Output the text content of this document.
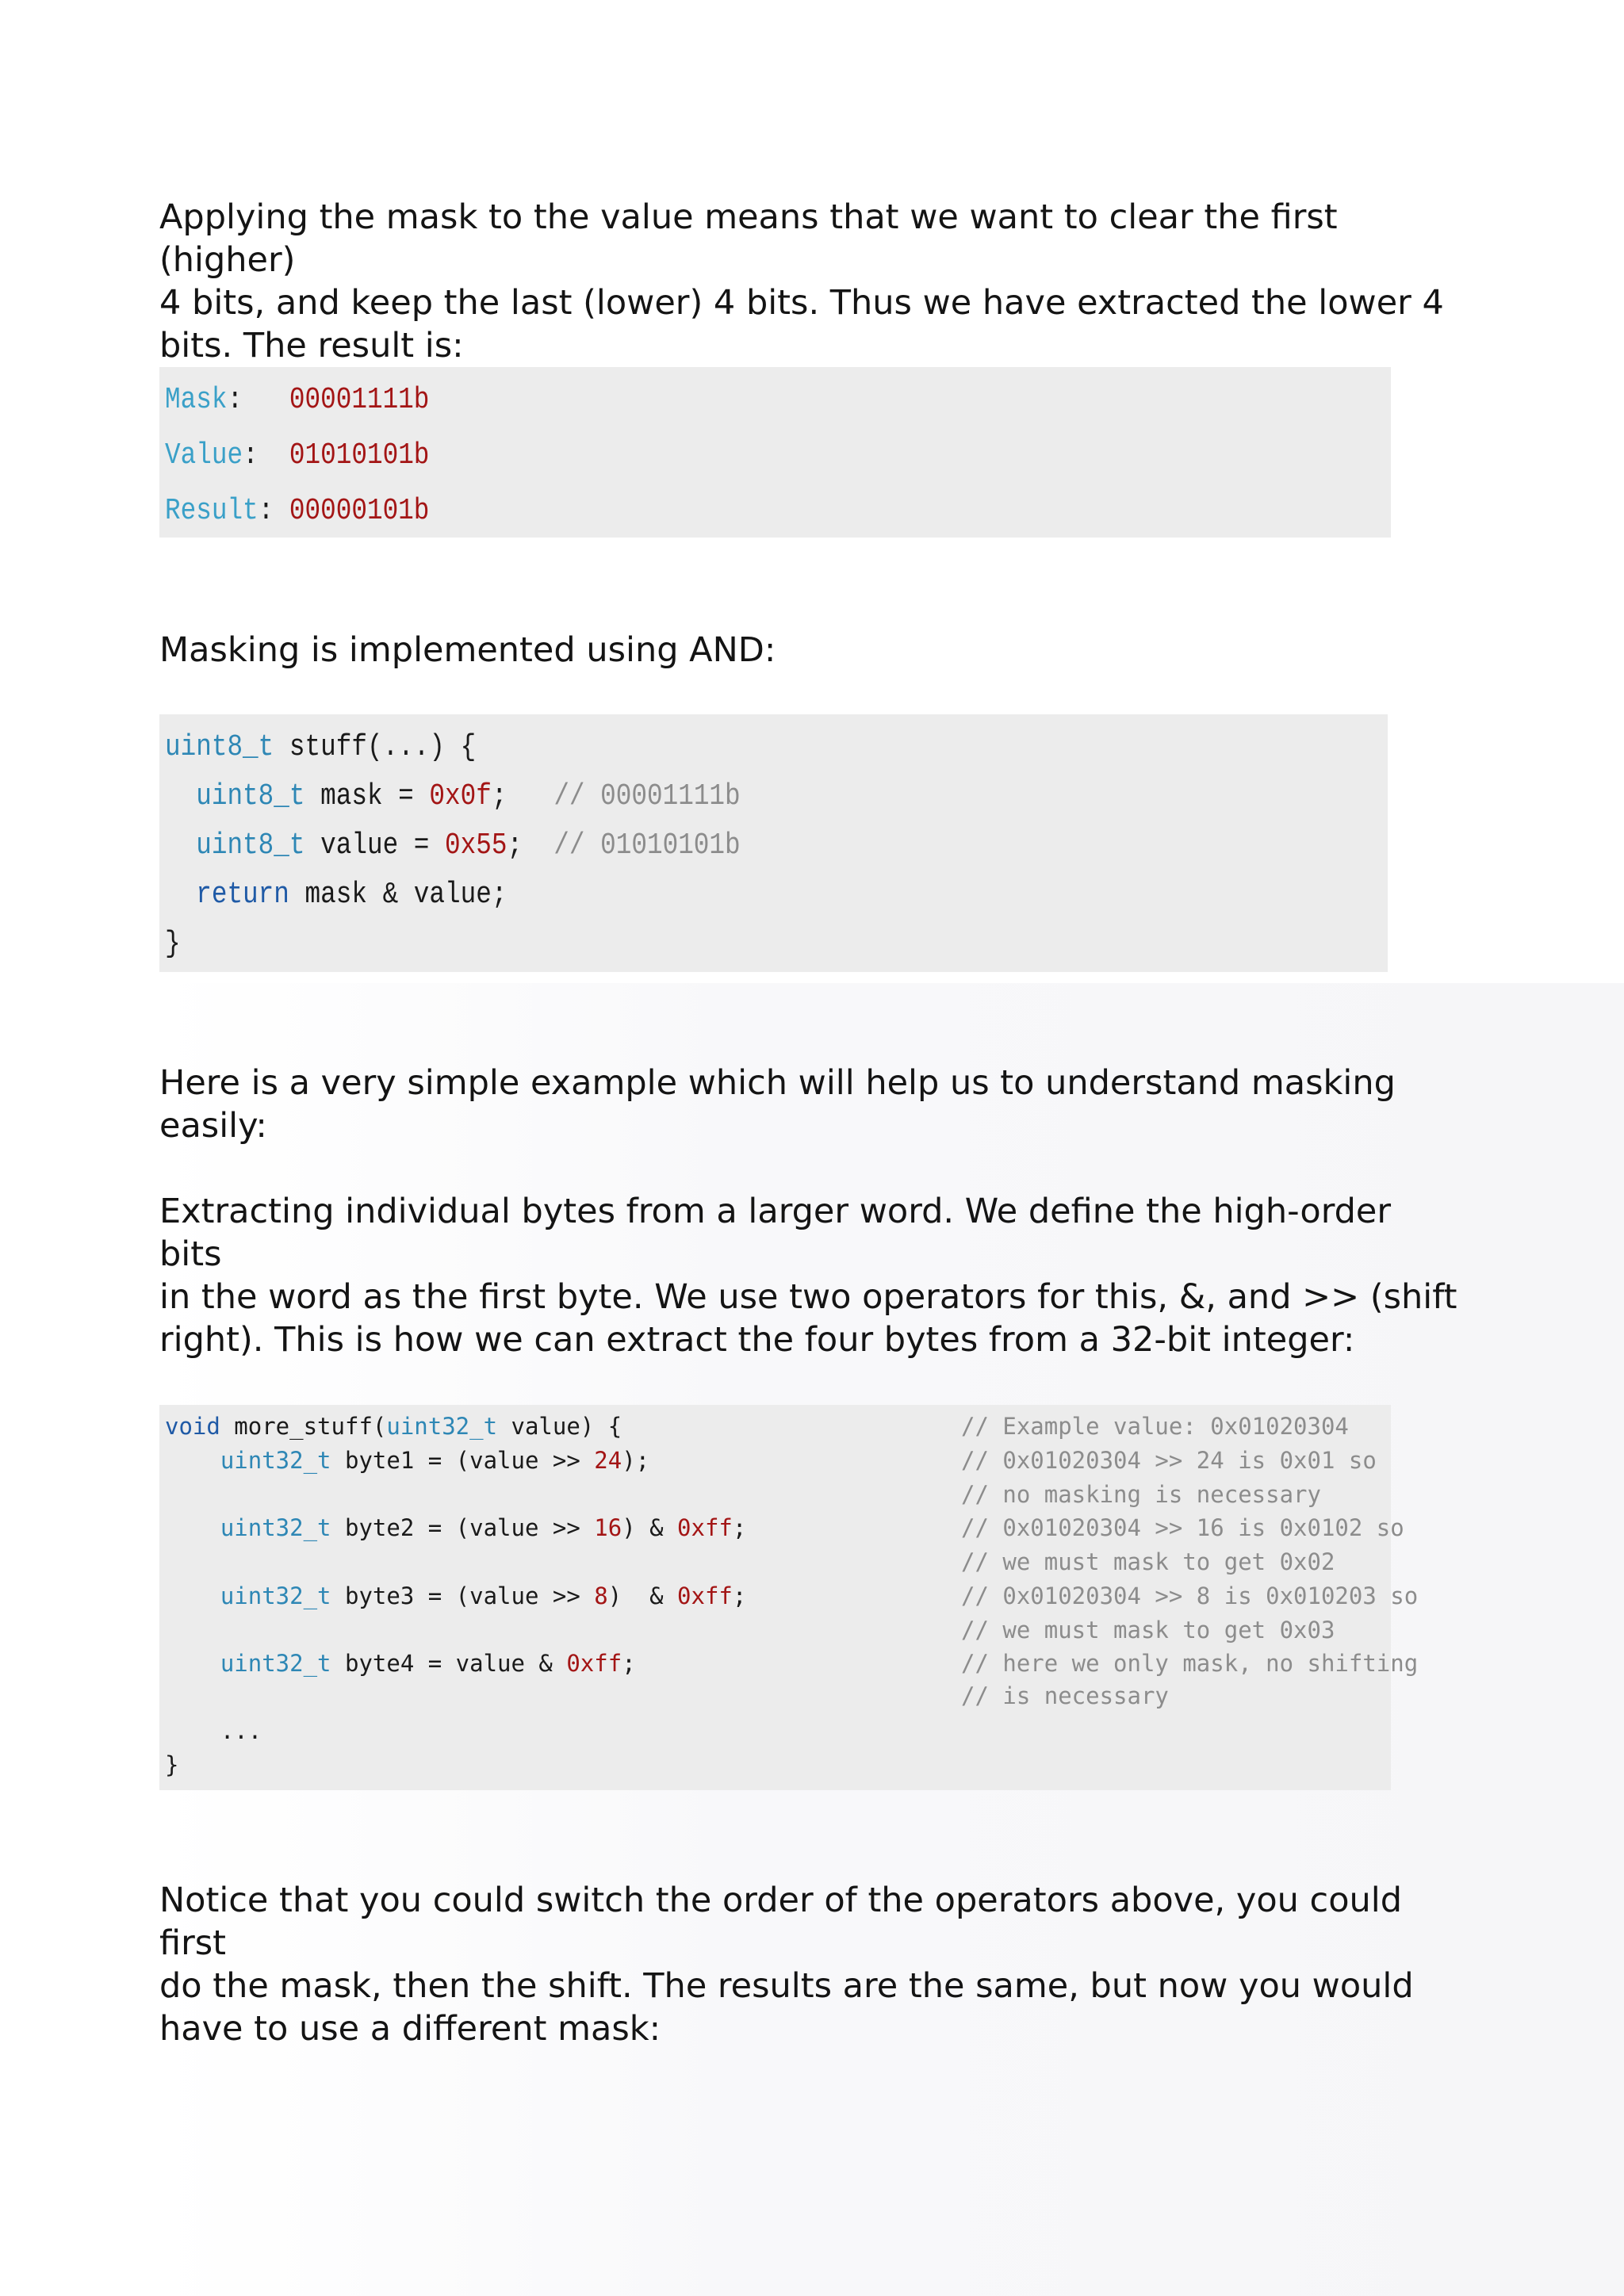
Applying the mask to the value means that we want to clear the first (higher)
4 bits, and keep the last (lower) 4 bits. Thus we have extracted the lower 4
bits. The result is:
Mask:   00001111b
Value:  01010101b
Result: 00000101b
Masking is implemented using AND:
uint8_t stuff(...) {
uint8_t mask = 0x0f; // 00001111b
uint8_t value = 0x55; // 01010101b
return mask & value;
}
Here is a very simple example which will help us to understand masking
easily:
Extracting individual bytes from a larger word. We define the high-order bits
in the word as the first byte. We use two operators for this, &, and >> (shift
right). This is how we can extract the four bytes from a 32-bit integer:
void more_stuff(uint32_t value) {
uint32_t byte1 = (value >> 24);
uint32_t byte2 = (value >> 16) & 0xff;
uint32_t byte3 = (value >> 8)  & 0xff;
uint32_t byte4 = value & 0xff;
...
}
// Example value: 0x01020304
// 0x01020304 >> 24 is 0x01 so
// no masking is necessary
// 0x01020304 >> 16 is 0x0102 so
// we must mask to get 0x02
// 0x01020304 >> 8 is 0x010203 so
// we must mask to get 0x03
// here we only mask, no shifting
// is necessary
Notice that you could switch the order of the operators above, you could first
do the mask, then the shift. The results are the same, but now you would
have to use a different mask:
